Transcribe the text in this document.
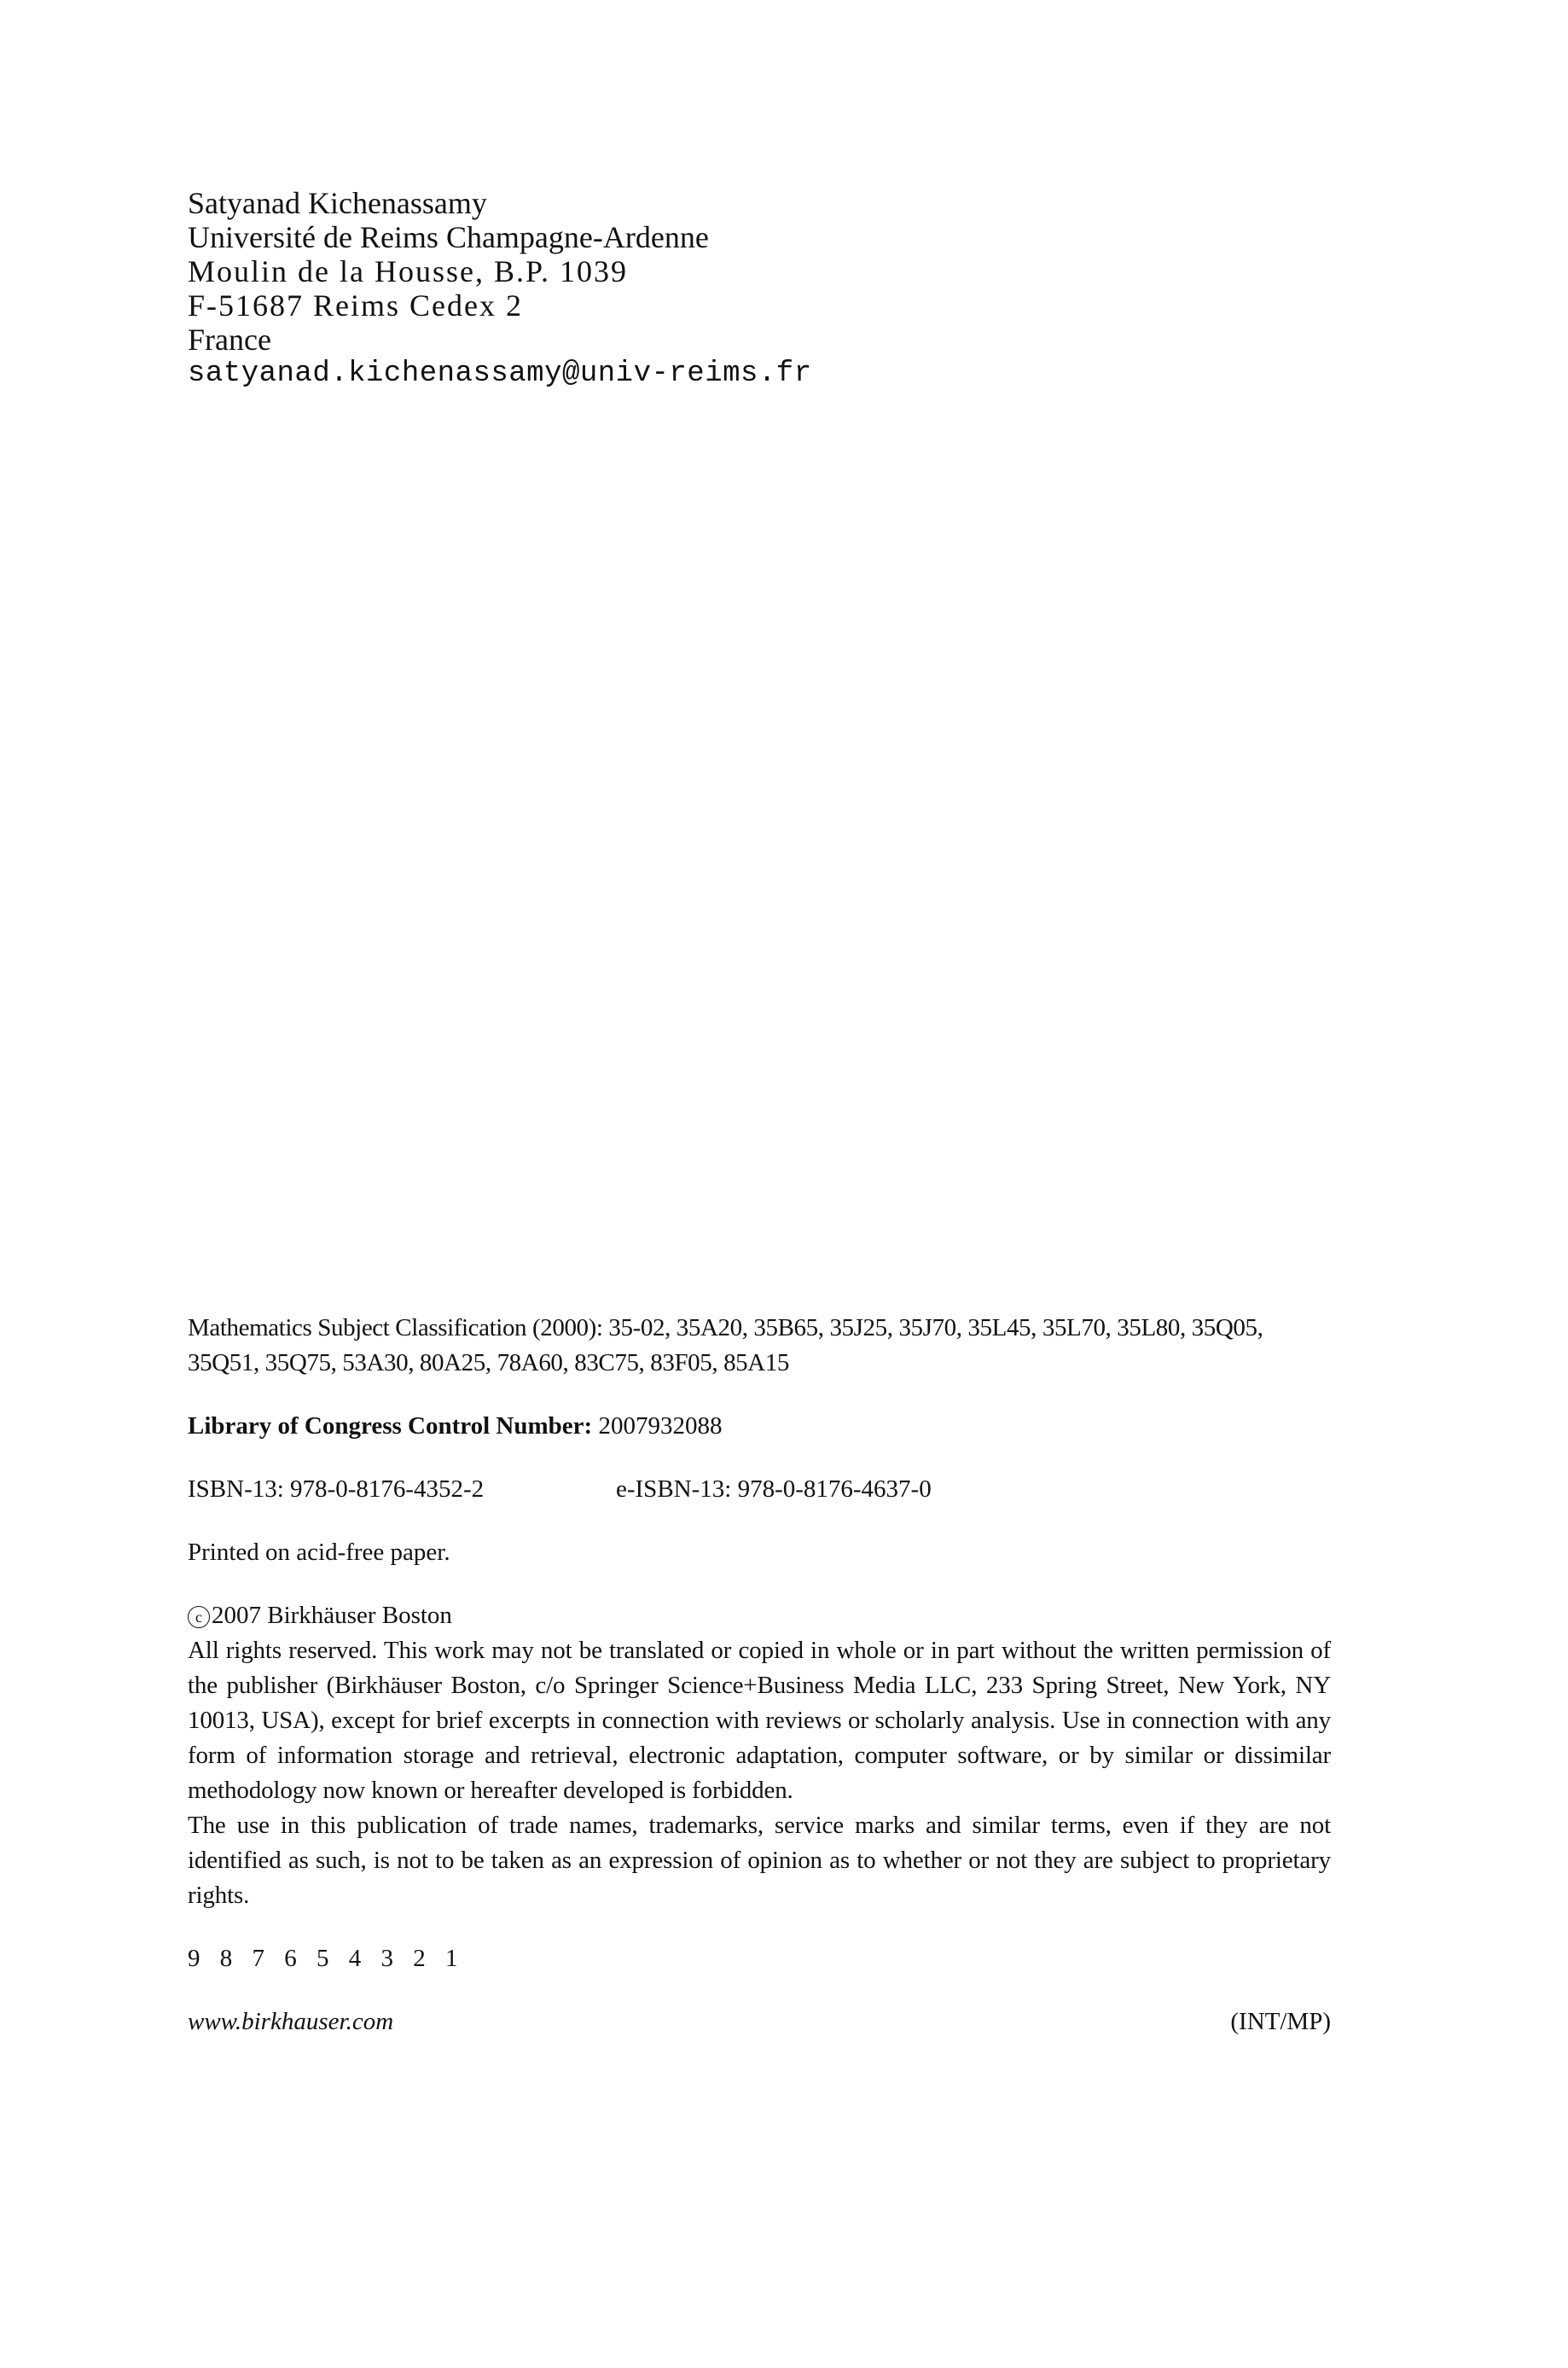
Satyanad Kichenassamy
Université de Reims Champagne-Ardenne
Moulin de la Housse, B.P. 1039
F-51687 Reims Cedex 2
France
satyanad.kichenassamy@univ-reims.fr
Mathematics Subject Classification (2000): 35-02, 35A20, 35B65, 35J25, 35J70, 35L45, 35L70, 35L80, 35Q05, 35Q51, 35Q75, 53A30, 80A25, 78A60, 83C75, 83F05, 85A15
Library of Congress Control Number: 2007932088
ISBN-13: 978-0-8176-4352-2	e-ISBN-13: 978-0-8176-4637-0
Printed on acid-free paper.
c 2007 Birkhäuser Boston
All rights reserved. This work may not be translated or copied in whole or in part without the written permission of the publisher (Birkhäuser Boston, c/o Springer Science+Business Media LLC, 233 Spring Street, New York, NY 10013, USA), except for brief excerpts in connection with reviews or scholarly analysis. Use in connection with any form of information storage and retrieval, electronic adaptation, computer software, or by similar or dissimilar methodology now known or hereafter developed is forbidden.
The use in this publication of trade names, trademarks, service marks and similar terms, even if they are not identified as such, is not to be taken as an expression of opinion as to whether or not they are subject to proprietary rights.
9 8 7 6 5 4 3 2 1
www.birkhauser.com	(INT/MP)
